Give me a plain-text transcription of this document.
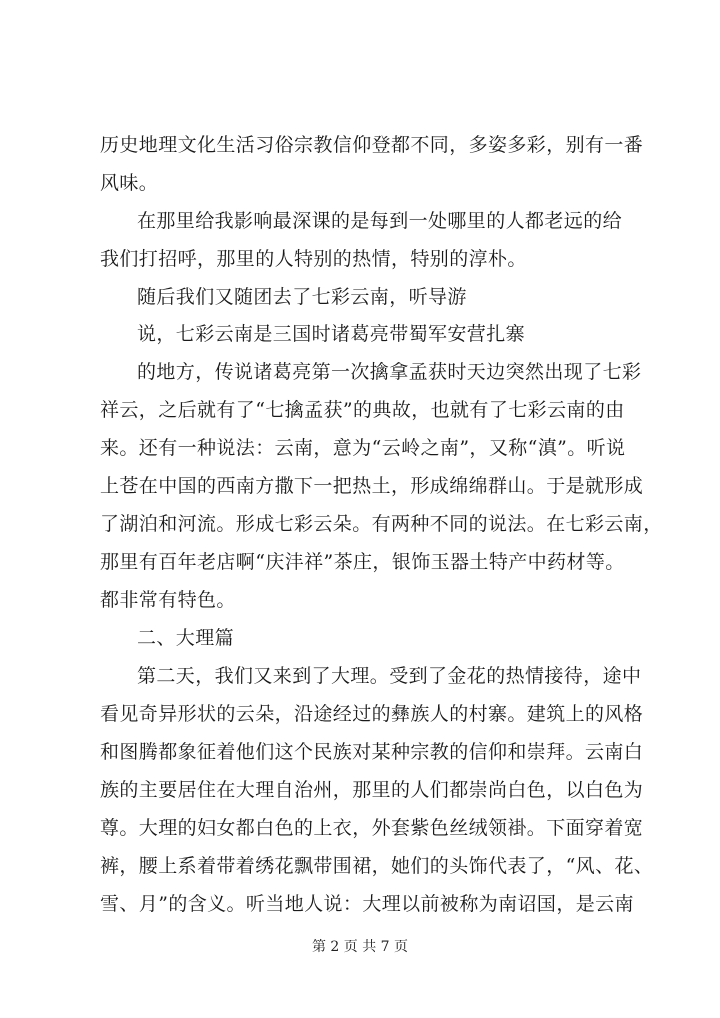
历史地理文化生活习俗宗教信仰登都不同，多姿多彩，别有一番
风味。
在那里给我影响最深课的是每到一处哪里的人都老远的给
我们打招呼，那里的人特别的热情，特别的淳朴。
随后我们又随团去了七彩云南，听导游
说，七彩云南是三国时诸葛亮带蜀军安营扎寨
的地方，传说诸葛亮第一次擒拿孟获时天边突然出现了七彩
祥云，之后就有了“七擒孟获”的典故，也就有了七彩云南的由
来。还有一种说法：云南，意为“云岭之南”，又称“滇”。听说
上苍在中国的西南方撒下一把热土，形成绵绵群山。于是就形成
了湖泊和河流。形成七彩云朵。有两种不同的说法。在七彩云南，
那里有百年老店啊“庆沣祥”茶庄，银饰玉器土特产中药材等。
都非常有特色。
二、大理篇
第二天，我们又来到了大理。受到了金花的热情接待，途中
看见奇异形状的云朵，沿途经过的彝族人的村寨。建筑上的风格
和图腾都象征着他们这个民族对某种宗教的信仰和崇拜。云南白
族的主要居住在大理自治州，那里的人们都崇尚白色，以白色为
尊。大理的妇女都白色的上衣，外套紫色丝绒领褂。下面穿着宽
裤，腰上系着带着绣花飘带围裙，她们的头饰代表了，“风、花、
雪、月”的含义。听当地人说：大理以前被称为南诏国，是云南
第 2 页 共 7 页
